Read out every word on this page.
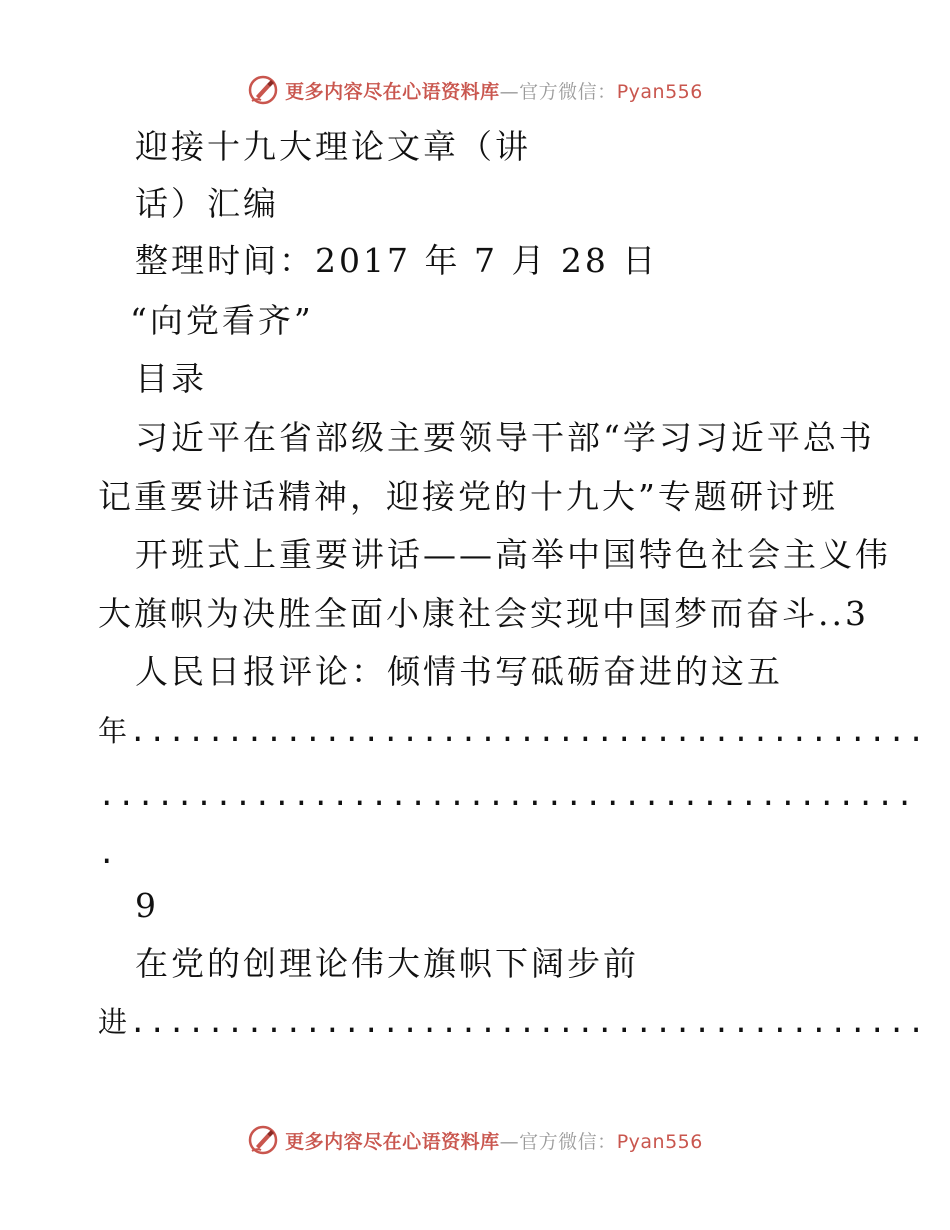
更多内容尽在心语资料库—官方微信：Pyan556
迎接十九大理论文章（讲
话）汇编
整理时间：2017 年 7 月 28 日
“向党看齐”
目录
习近平在省部级主要领导干部“学习习近平总书
记重要讲话精神，迎接党的十九大”专题研讨班
开班式上重要讲话——高举中国特色社会主义伟
大旗帜为决胜全面小康社会实现中国梦而奋斗..3
人民日报评论：倾情书写砥砺奋进的这五
年.........................................
..........................................
.
9
在党的创理论伟大旗帜下阔步前
进.........................................
更多内容尽在心语资料库—官方微信：Pyan556
